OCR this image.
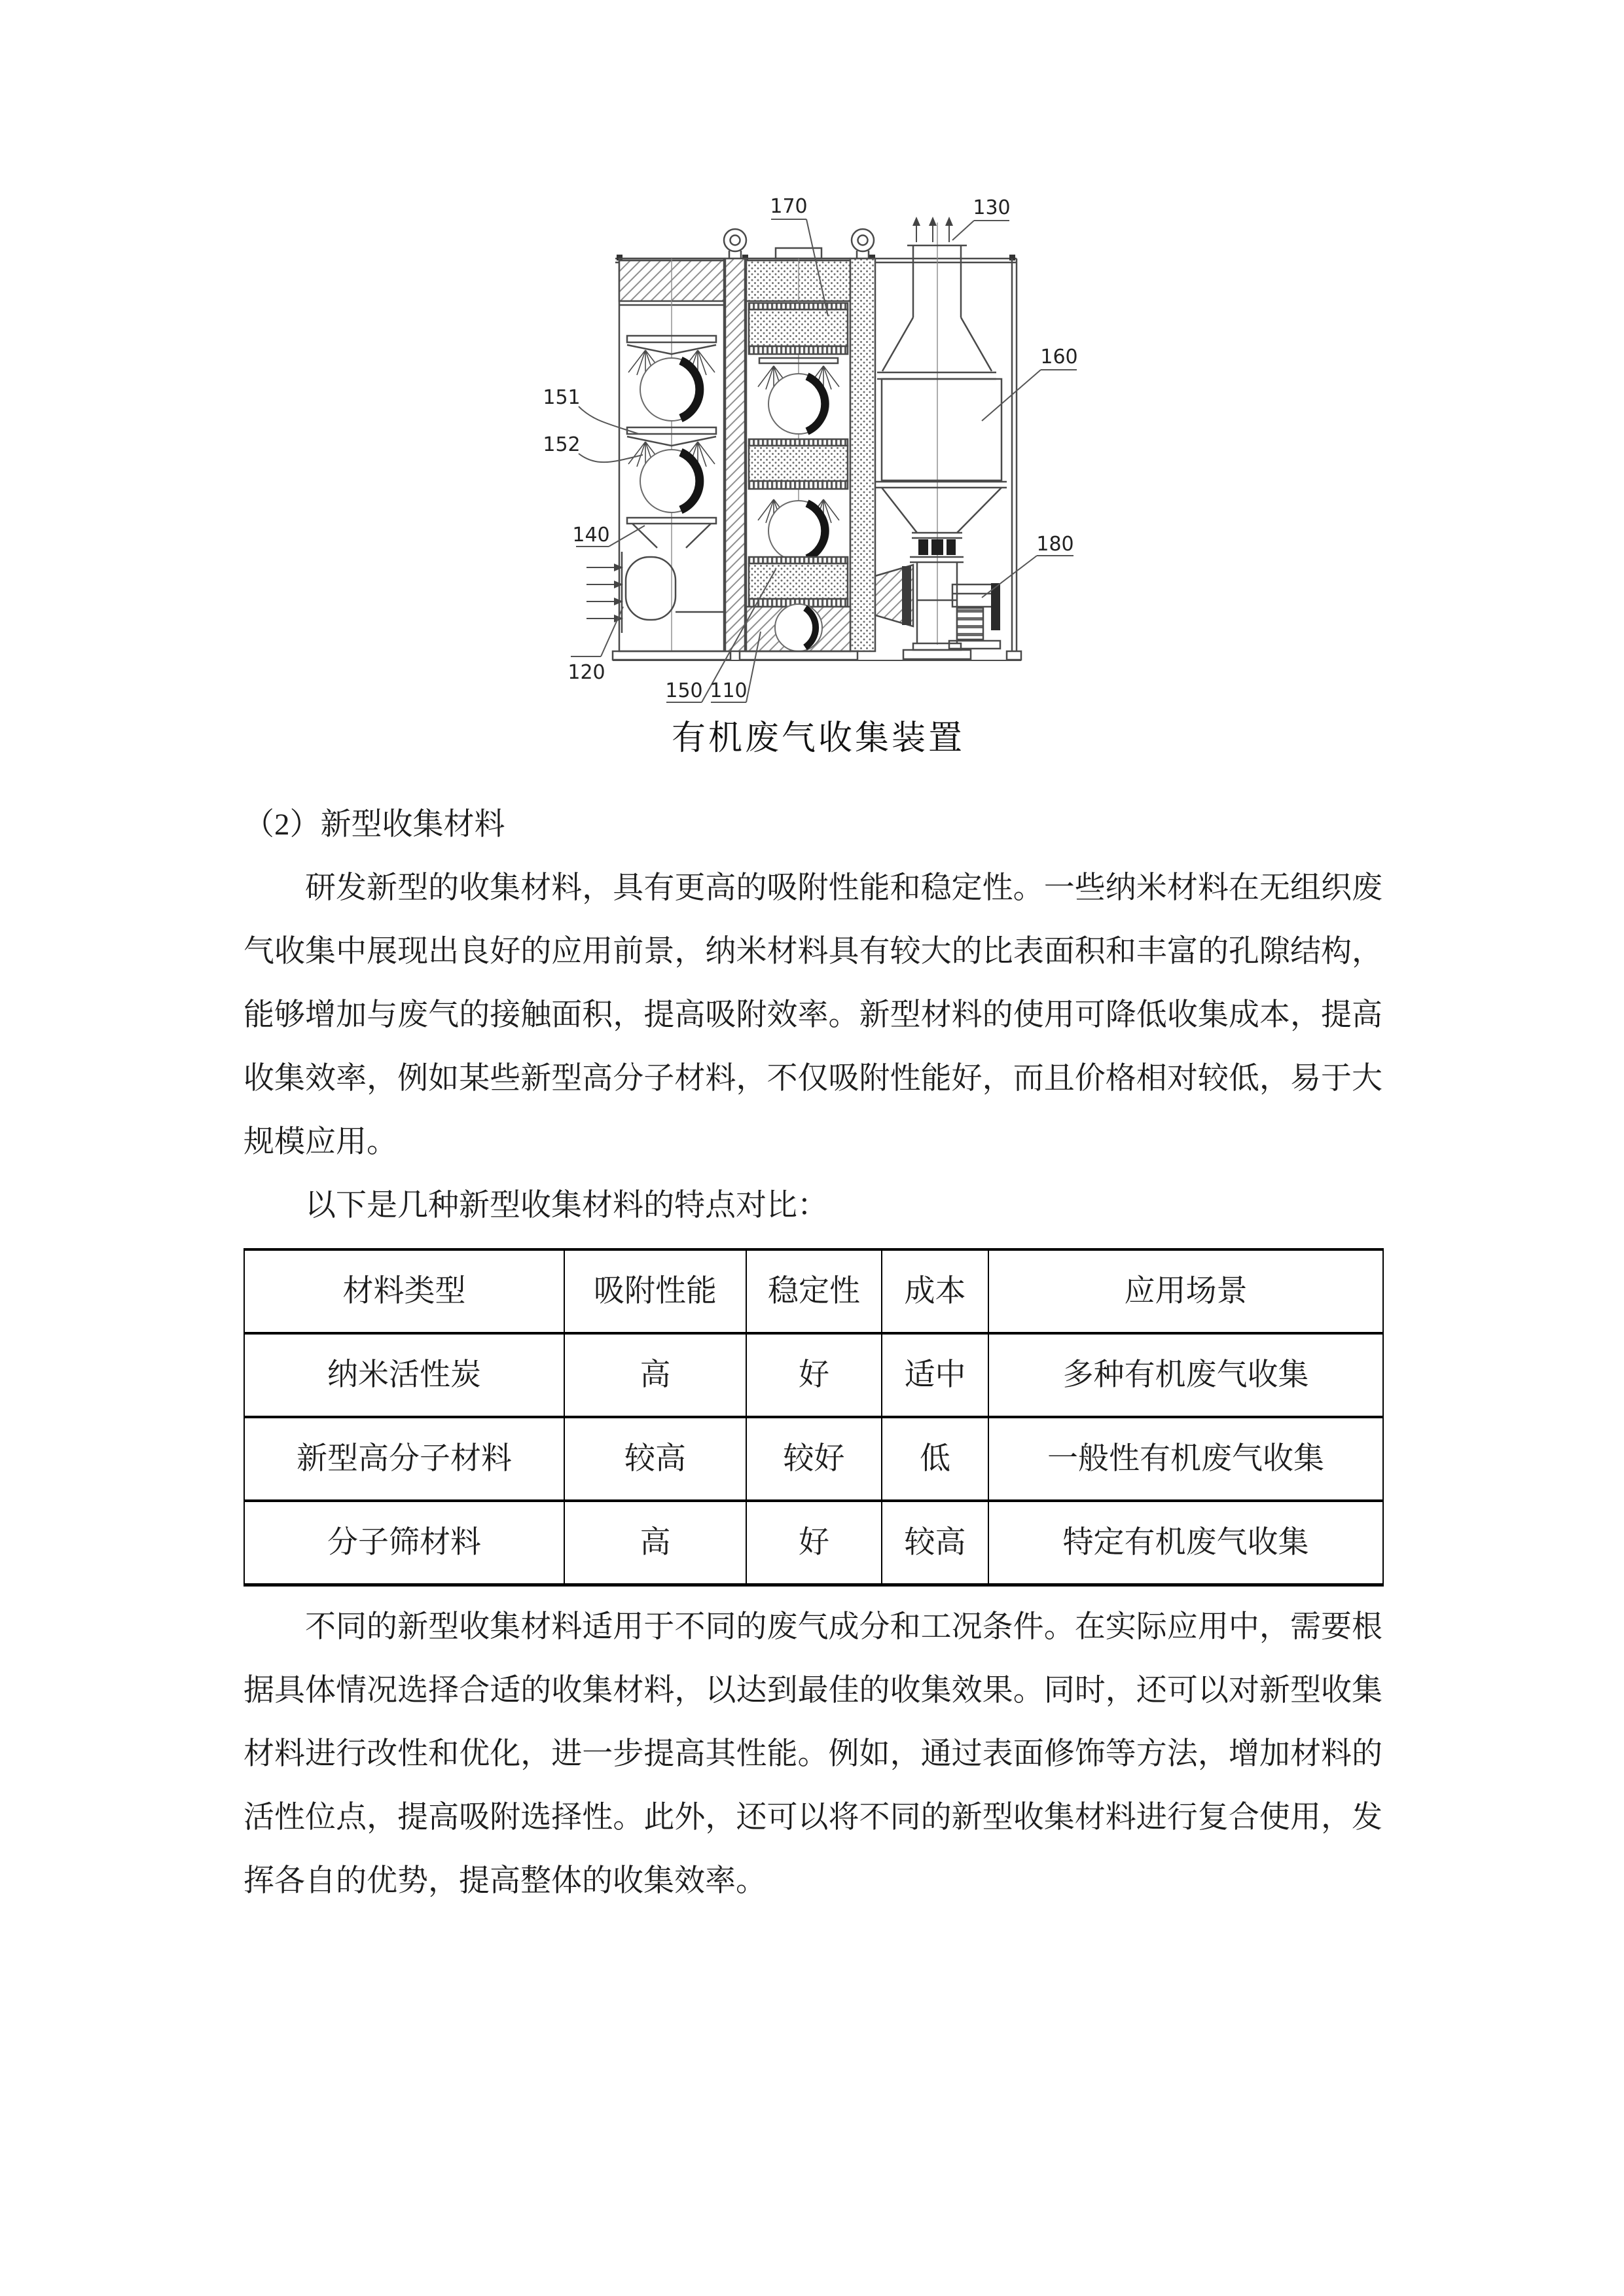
170	130
160
180
151
152
140
120
150 110
有机废气收集装置

（2）新型收集材料

研发新型的收集材料，具有更高的吸附性能和稳定性。一些纳米材料在无组织废气收集中展现出良好的应用前景，纳米材料具有较大的比表面积和丰富的孔隙结构，能够增加与废气的接触面积，提高吸附效率。新型材料的使用可降低收集成本，提高收集效率，例如某些新型高分子材料，不仅吸附性能好，而且价格相对较低，易于大规模应用。

以下是几种新型收集材料的特点对比：

材料类型	吸附性能	稳定性	成本	应用场景
纳米活性炭	高	好	适中	多种有机废气收集
新型高分子材料	较高	较好	低	一般性有机废气收集
分子筛材料	高	好	较高	特定有机废气收集

不同的新型收集材料适用于不同的废气成分和工况条件。在实际应用中，需要根据具体情况选择合适的收集材料，以达到最佳的收集效果。同时，还可以对新型收集材料进行改性和优化，进一步提高其性能。例如，通过表面修饰等方法，增加材料的活性位点，提高吸附选择性。此外，还可以将不同的新型收集材料进行复合使用，发挥各自的优势，提高整体的收集效率。
